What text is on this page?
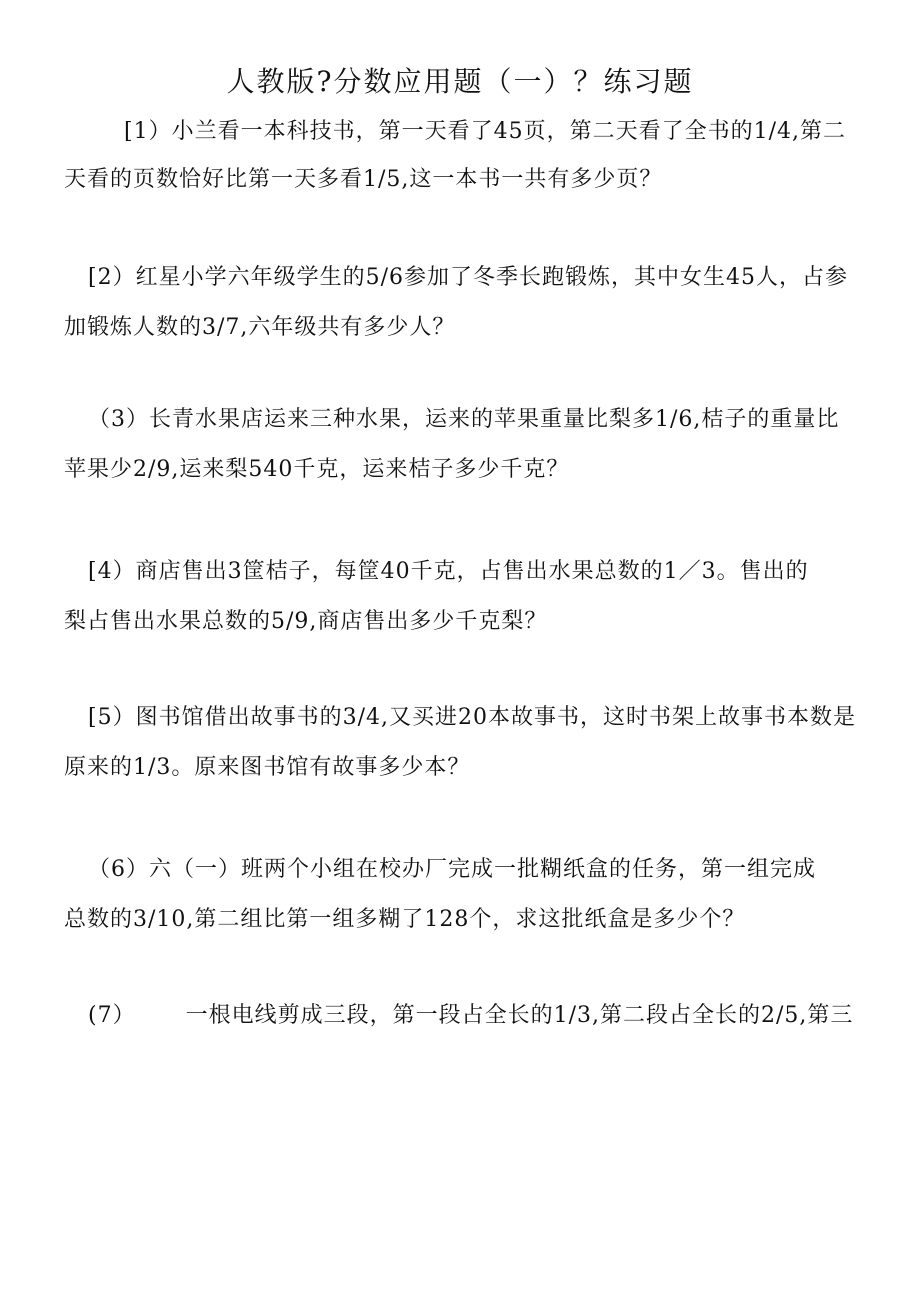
人教版?分数应用题（一）？练习题
[1）小兰看一本科技书，第一天看了45页，第二天看了全书的1/4,第二
天看的页数恰好比第一天多看1/5,这一本书一共有多少页？
[2）红星小学六年级学生的5/6参加了冬季长跑锻炼，其中女生45人，占参
加锻炼人数的3/7,六年级共有多少人？
（3）长青水果店运来三种水果，运来的苹果重量比梨多1/6,桔子的重量比
苹果少2/9,运来梨540千克，运来桔子多少千克？
[4）商店售出3筐桔子，每筐40千克，占售出水果总数的1／3。售出的
梨占售出水果总数的5/9,商店售出多少千克梨？
[5）图书馆借出故事书的3/4,又买进20本故事书，这时书架上故事书本数是
原来的1/3。原来图书馆有故事多少本？
（6）六（一）班两个小组在校办厂完成一批糊纸盒的任务，第一组完成
总数的3/10,第二组比第一组多糊了128个，求这批纸盒是多少个？
(7） 一根电线剪成三段，第一段占全长的1/3,第二段占全长的2/5,第三
